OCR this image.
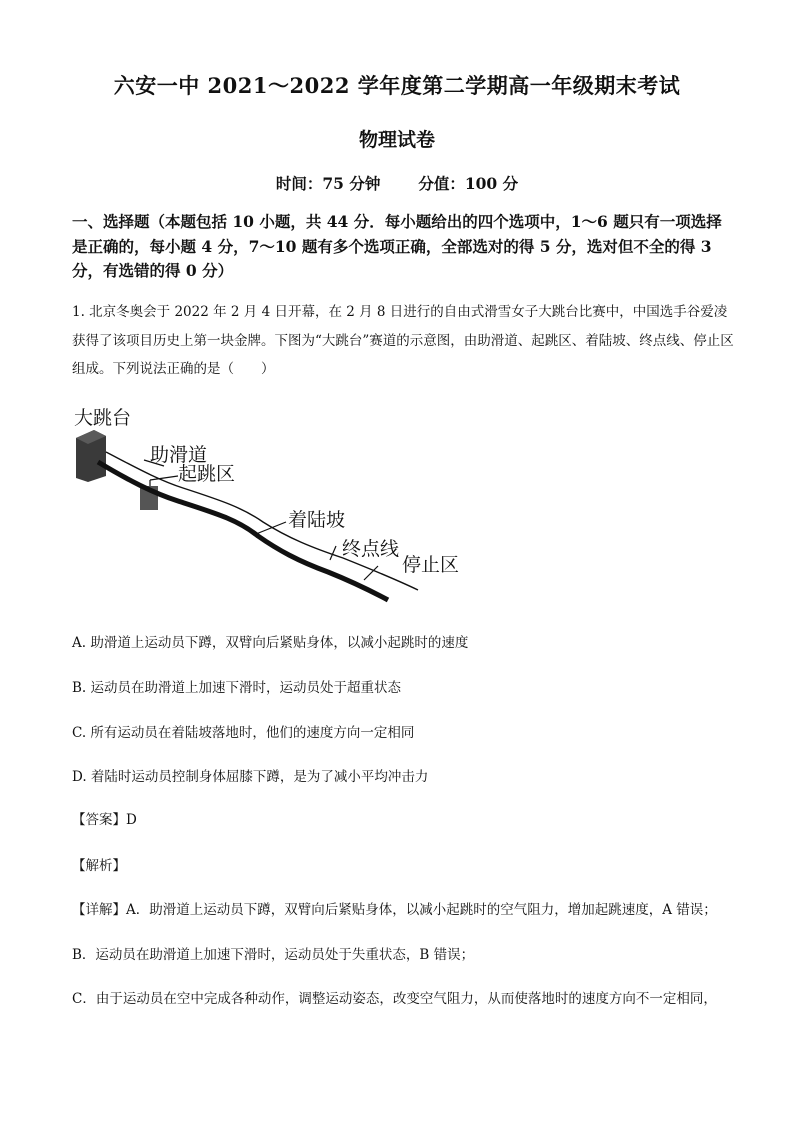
六安一中 2021～2022 学年度第二学期高一年级期末考试
物理试卷
时间：75 分钟 分值：100 分
一、选择题（本题包括 10 小题，共 44 分．每小题给出的四个选项中，1～6 题只有一项选择是正确的，每小题 4 分，7～10 题有多个选项正确，全部选对的得 5 分，选对但不全的得 3 分，有选错的得 0 分）
1. 北京冬奥会于 2022 年 2 月 4 日开幕，在 2 月 8 日进行的自由式滑雪女子大跳台比赛中，中国选手谷爱凌获得了该项目历史上第一块金牌。下图为“大跳台”赛道的示意图，由助滑道、起跳区、着陆坡、终点线、停止区组成。下列说法正确的是（　　）
大跳台
助滑道
起跳区
着陆坡
终点线
停止区
A. 助滑道上运动员下蹲，双臂向后紧贴身体，以减小起跳时的速度
B. 运动员在助滑道上加速下滑时，运动员处于超重状态
C. 所有运动员在着陆坡落地时，他们的速度方向一定相同
D. 着陆时运动员控制身体屈膝下蹲，是为了减小平均冲击力
【答案】D
【解析】
【详解】A．助滑道上运动员下蹲，双臂向后紧贴身体，以减小起跳时的空气阻力，增加起跳速度，A 错误；
B．运动员在助滑道上加速下滑时，运动员处于失重状态，B 错误；
C．由于运动员在空中完成各种动作，调整运动姿态，改变空气阻力，从而使落地时的速度方向不一定相同，
